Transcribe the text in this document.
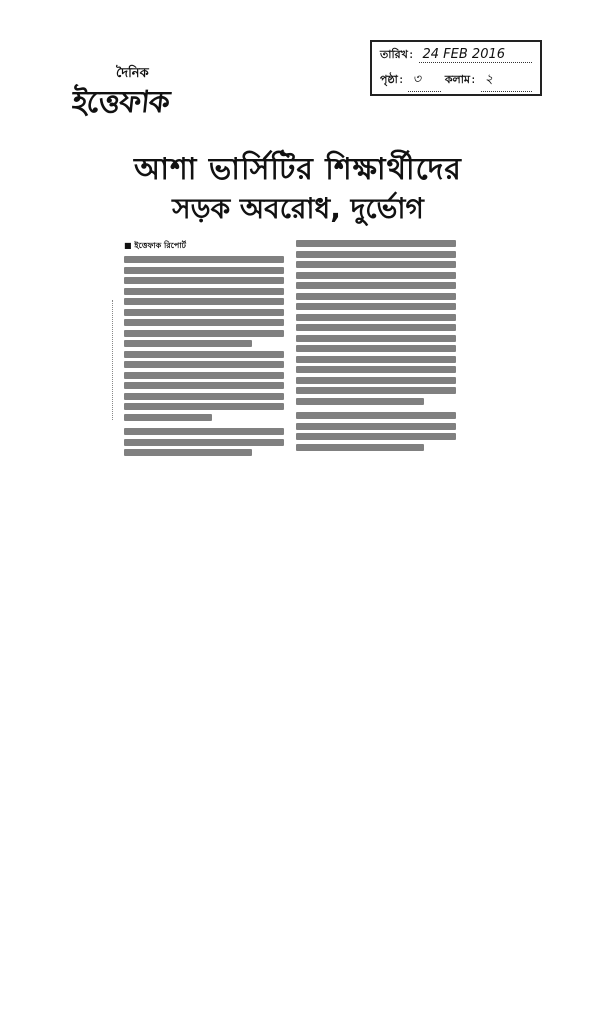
দৈনিক
ইত্তেফাক
তারিখ : 24 FEB 2016
পৃষ্ঠা : ৩	কলাম : ২
আশা ভার্সিটির শিক্ষার্থীদের
সড়ক অবরোধ, দুর্ভোগ
■ ইত্তেফাক রিপোর্ট
